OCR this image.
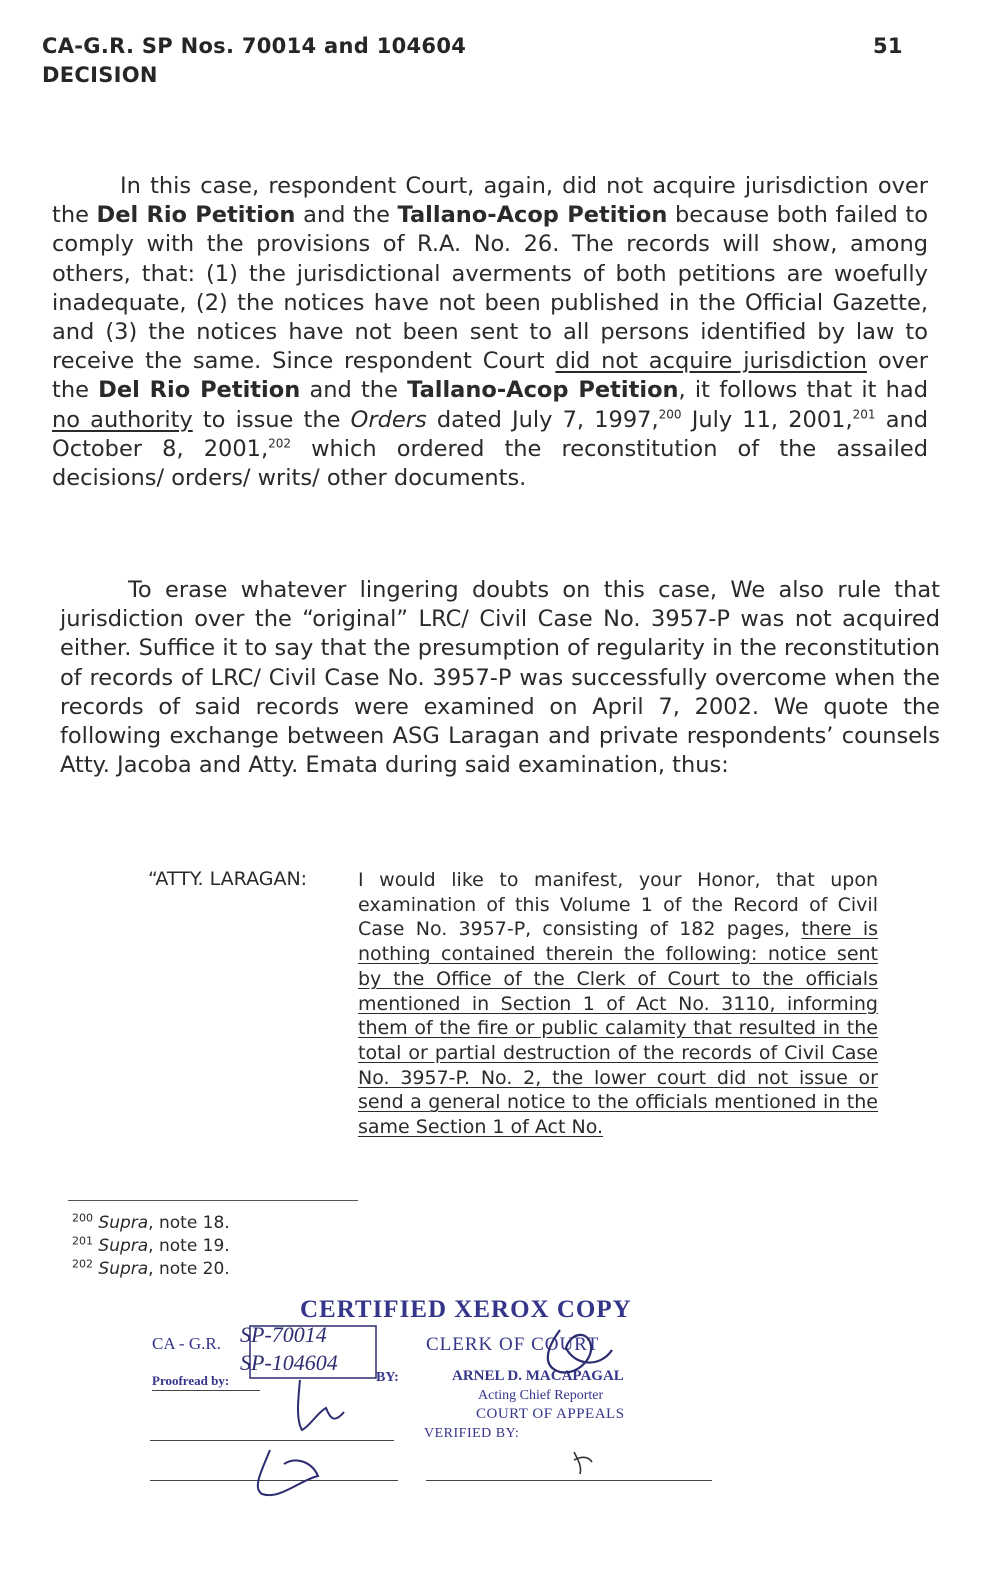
CA-G.R. SP Nos. 70014 and 104604
DECISION
51
In this case, respondent Court, again, did not acquire jurisdiction over the Del Rio Petition and the Tallano-Acop Petition because both failed to comply with the provisions of R.A. No. 26. The records will show, among others, that: (1) the jurisdictional averments of both petitions are woefully inadequate, (2) the notices have not been published in the Official Gazette, and (3) the notices have not been sent to all persons identified by law to receive the same. Since respondent Court did not acquire jurisdiction over the Del Rio Petition and the Tallano-Acop Petition, it follows that it had no authority to issue the Orders dated July 7, 1997,$^{200}$ July 11, 2001,$^{201}$ and October 8, 2001,$^{202}$ which ordered the reconstitution of the assailed decisions/ orders/ writs/ other documents.
To erase whatever lingering doubts on this case, We also rule that jurisdiction over the “original” LRC/ Civil Case No. 3957-P was not acquired either. Suffice it to say that the presumption of regularity in the reconstitution of records of LRC/ Civil Case No. 3957-P was successfully overcome when the records of said records were examined on April 7, 2002. We quote the following exchange between ASG Laragan and private respondents’ counsels Atty. Jacoba and Atty. Emata during said examination, thus:
“ATTY. LARAGAN:	I would like to manifest, your Honor, that upon examination of this Volume 1 of the Record of Civil Case No. 3957-P, consisting of 182 pages, there is nothing contained therein the following: notice sent by the Office of the Clerk of Court to the officials mentioned in Section 1 of Act No. 3110, informing them of the fire or public calamity that resulted in the total or partial destruction of the records of Civil Case No. 3957-P. No. 2, the lower court did not issue or send a general notice to the officials mentioned in the same Section 1 of Act No.
$^{200}$ Supra, note 18.
$^{201}$ Supra, note 19.
$^{202}$ Supra, note 20.
CERTIFIED XEROX COPY
CA - G.R. SP-70014
SP-104604
CLERK OF COURT
Proofread by:	BY:	ARNEL D. MACAPAGAL
Acting Chief Reporter
COURT OF APPEALS
VERIFIED BY:
